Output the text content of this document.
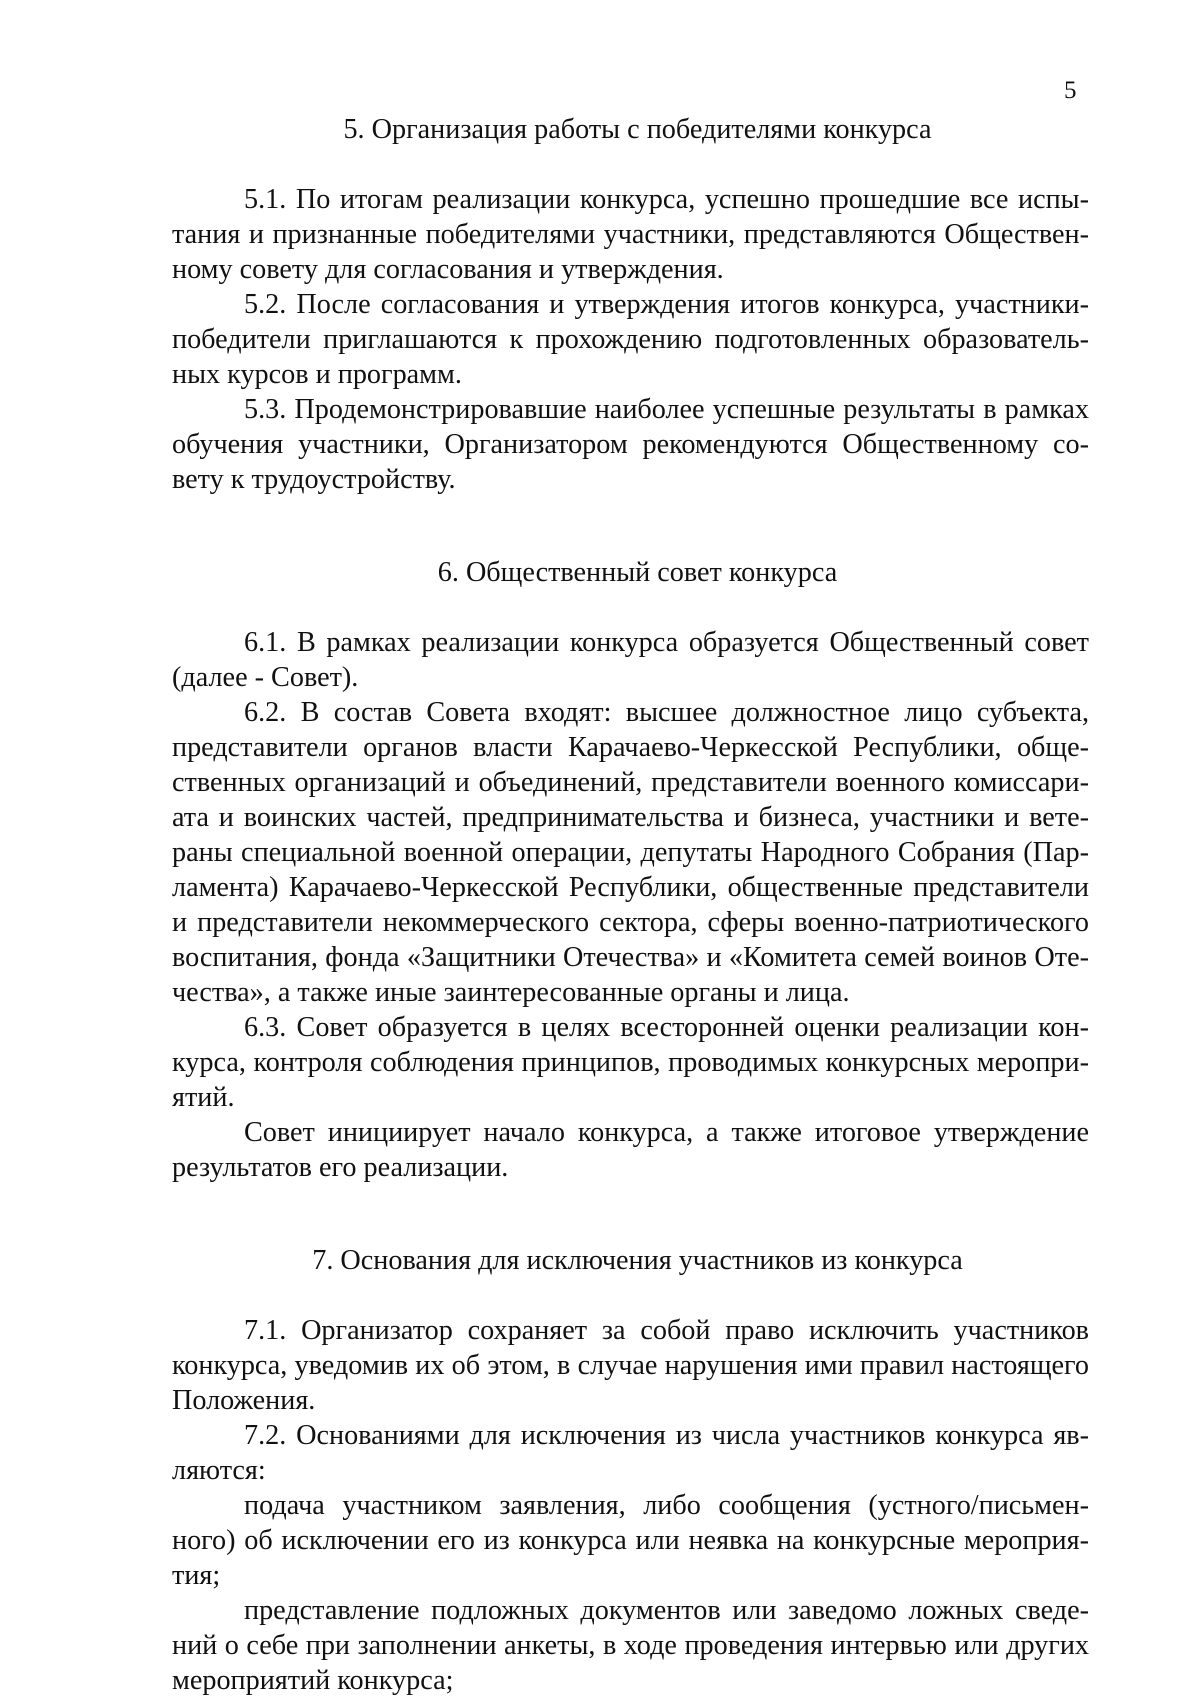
5
5. Организация работы с победителями конкурса

5.1. По итогам реализации конкурса, успешно прошедшие все испытания и признанные победителями участники, представляются Общественному совету для согласования и утверждения.

5.2. После согласования и утверждения итогов конкурса, участники-победители приглашаются к прохождению подготовленных образовательных курсов и программ.

5.3. Продемонстрировавшие наиболее успешные результаты в рамках обучения участники, Организатором рекомендуются Общественному совету к трудоустройству.

6. Общественный совет конкурса

6.1. В рамках реализации конкурса образуется Общественный совет (далее - Совет).

6.2. В состав Совета входят: высшее должностное лицо субъекта, представители органов власти Карачаево-Черкесской Республики, общественных организаций и объединений, представители военного комиссариата и воинских частей, предпринимательства и бизнеса, участники и ветераны специальной военной операции, депутаты Народного Собрания (Парламента) Карачаево-Черкесской Республики, общественные представители и представители некоммерческого сектора, сферы военно-патриотического воспитания, фонда «Защитники Отечества» и «Комитета семей воинов Отечества», а также иные заинтересованные органы и лица.

6.3. Совет образуется в целях всесторонней оценки реализации конкурса, контроля соблюдения принципов, проводимых конкурсных мероприятий.

Совет инициирует начало конкурса, а также итоговое утверждение результатов его реализации.

7. Основания для исключения участников из конкурса

7.1. Организатор сохраняет за собой право исключить участников конкурса, уведомив их об этом, в случае нарушения ими правил настоящего Положения.

7.2. Основаниями для исключения из числа участников конкурса являются:

подача участником заявления, либо сообщения (устного/письменного) об исключении его из конкурса или неявка на конкурсные мероприятия;

представление подложных документов или заведомо ложных сведений о себе при заполнении анкеты, в ходе проведения интервью или других мероприятий конкурса;
